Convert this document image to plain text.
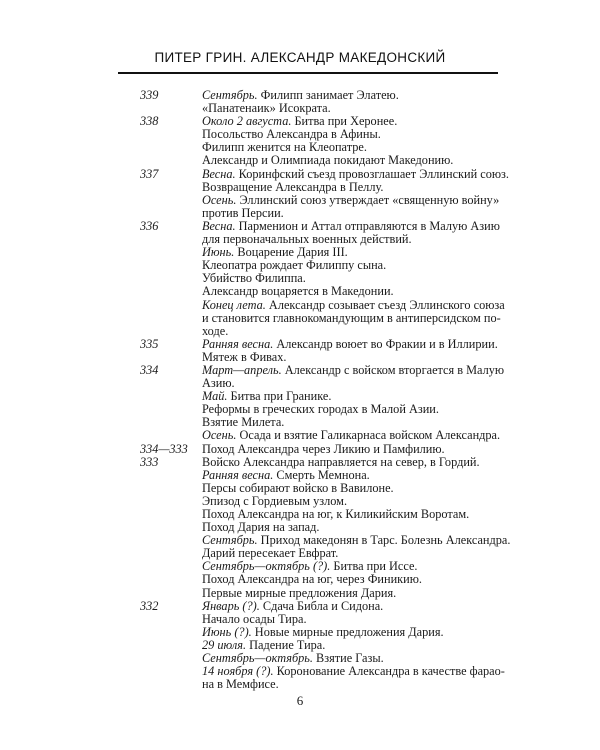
ПИТЕР ГРИН. АЛЕКСАНДР МАКЕДОНСКИЙ
339	Сентябрь. Филипп занимает Элатею.
«Панатенаик» Исократа.
338	Около 2 августа. Битва при Херонее.
Посольство Александра в Афины.
Филипп женится на Клеопатре.
Александр и Олимпиада покидают Македонию.
337	Весна. Коринфский съезд провозглашает Эллинский союз.
Возвращение Александра в Пеллу.
Осень. Эллинский союз утверждает «священную войну»
против Персии.
336	Весна. Парменион и Аттал отправляются в Малую Азию
для первоначальных военных действий.
Июнь. Воцарение Дария III.
Клеопатра рождает Филиппу сына.
Убийство Филиппа.
Александр воцаряется в Македонии.
Конец лета. Александр созывает съезд Эллинского союза
и становится главнокомандующим в антиперсидском по-
ходе.
335	Ранняя весна. Александр воюет во Фракии и в Иллирии.
Мятеж в Фивах.
334	Март—апрель. Александр с войском вторгается в Малую
Азию.
Май. Битва при Гранике.
Реформы в греческих городах в Малой Азии.
Взятие Милета.
Осень. Осада и взятие Галикарнаса войском Александра.
334—333 Поход Александра через Ликию и Памфилию.
333	Войско Александра направляется на север, в Гордий.
Ранняя весна. Смерть Мемнона.
Персы собирают войско в Вавилоне.
Эпизод с Гордиевым узлом.
Поход Александра на юг, к Киликийским Воротам.
Поход Дария на запад.
Сентябрь. Приход македонян в Тарс. Болезнь Александра.
Дарий пересекает Евфрат.
Сентябрь—октябрь (?). Битва при Иссе.
Поход Александра на юг, через Финикию.
Первые мирные предложения Дария.
332	Январь (?). Сдача Библа и Сидона.
Начало осады Тира.
Июнь (?). Новые мирные предложения Дария.
29 июля. Падение Тира.
Сентябрь—октябрь. Взятие Газы.
14 ноября (?). Коронование Александра в качестве фарао-
на в Мемфисе.
6
